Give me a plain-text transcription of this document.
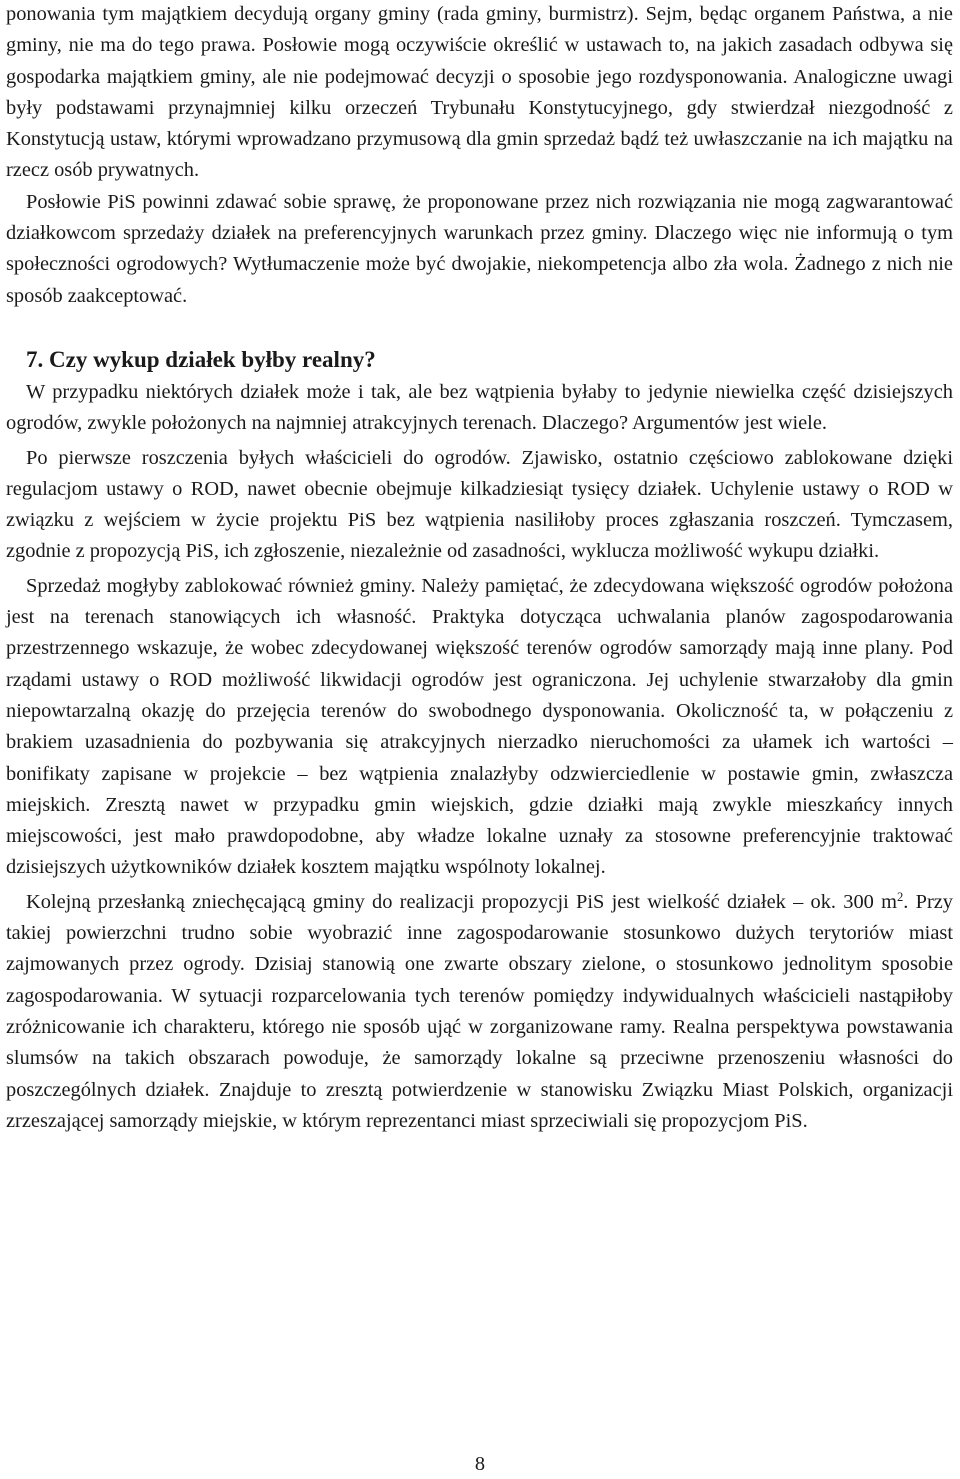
ponowania tym majątkiem decydują organy gminy (rada gminy, burmistrz). Sejm, będąc organem Państwa, a nie gminy, nie ma do tego prawa. Posłowie mogą oczywiście określić w ustawach to, na jakich zasadach odbywa się gospodarka majątkiem gminy, ale nie podejmować decyzji o sposobie jego rozdysponowania. Analogiczne uwagi były podstawami przynajmniej kilku orzeczeń Trybunału Konstytucyjnego, gdy stwierdzał niezgodność z Konstytucją ustaw, którymi wprowadzano przymusową dla gmin sprzedaż bądź też uwłaszczanie na ich majątku na rzecz osób prywatnych.

Posłowie PiS powinni zdawać sobie sprawę, że proponowane przez nich rozwiązania nie mogą zagwarantować działkowcom sprzedaży działek na preferencyjnych warunkach przez gminy. Dlaczego więc nie informują o tym społeczności ogrodowych? Wytłumaczenie może być dwojakie, niekompetencja albo zła wola. Żadnego z nich nie sposób zaakceptować.

7. Czy wykup działek byłby realny?

W przypadku niektórych działek może i tak, ale bez wątpienia byłaby to jedynie niewielka część dzisiejszych ogrodów, zwykle położonych na najmniej atrakcyjnych terenach. Dlaczego? Argumentów jest wiele.

Po pierwsze roszczenia byłych właścicieli do ogrodów. Zjawisko, ostatnio częściowo zablokowane dzięki regulacjom ustawy o ROD, nawet obecnie obejmuje kilkadziesiąt tysięcy działek. Uchylenie ustawy o ROD w związku z wejściem w życie projektu PiS bez wątpienia nasiliłoby proces zgłaszania roszczeń. Tymczasem, zgodnie z propozycją PiS, ich zgłoszenie, niezależnie od zasadności, wyklucza możliwość wykupu działki.

Sprzedaż mogłyby zablokować również gminy. Należy pamiętać, że zdecydowana większość ogrodów położona jest na terenach stanowiących ich własność. Praktyka dotycząca uchwalania planów zagospodarowania przestrzennego wskazuje, że wobec zdecydowanej większość terenów ogrodów samorządy mają inne plany. Pod rządami ustawy o ROD możliwość likwidacji ogrodów jest ograniczona. Jej uchylenie stwarzałoby dla gmin niepowtarzalną okazję do przejęcia terenów do swobodnego dysponowania. Okoliczność ta, w połączeniu z brakiem uzasadnienia do pozbywania się atrakcyjnych nierzadko nieruchomości za ułamek ich wartości – bonifikaty zapisane w projekcie – bez wątpienia znalazłyby odzwierciedlenie w postawie gmin, zwłaszcza miejskich. Zresztą nawet w przypadku gmin wiejskich, gdzie działki mają zwykle mieszkańcy innych miejscowości, jest mało prawdopodobne, aby władze lokalne uznały za stosowne preferencyjnie traktować dzisiejszych użytkowników działek kosztem majątku wspólnoty lokalnej.

Kolejną przesłanką zniechęcającą gminy do realizacji propozycji PiS jest wielkość działek – ok. 300 $m^2$. Przy takiej powierzchni trudno sobie wyobrazić inne zagospodarowanie stosunkowo dużych terytoriów miast zajmowanych przez ogrody. Dzisiaj stanowią one zwarte obszary zielone, o stosunkowo jednolitym sposobie zagospodarowania. W sytuacji rozparcelowania tych terenów pomiędzy indywidualnych właścicieli nastąpiłoby zróżnicowanie ich charakteru, którego nie sposób ująć w zorganizowane ramy. Realna perspektywa powstawania slumsów na takich obszarach powoduje, że samorządy lokalne są przeciwne przenoszeniu własności do poszczególnych działek. Znajduje to zresztą potwierdzenie w stanowisku Związku Miast Polskich, organizacji zrzeszającej samorządy miejskie, w którym reprezentanci miast sprzeciwiali się propozycjom PiS.

8
